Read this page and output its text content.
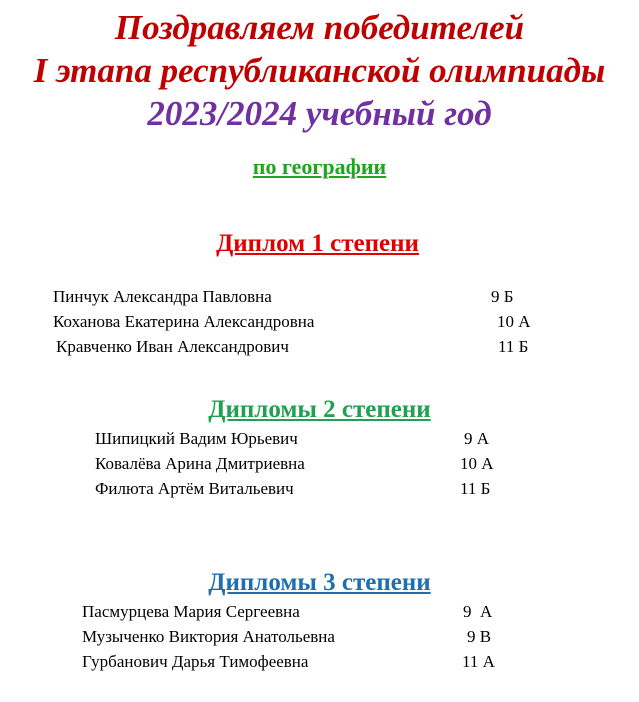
Поздравляем победителей
I этапа республиканской олимпиады
2023/2024 учебный год
по географии
Диплом 1 степени
Пинчук Александра Павловна	9 Б
Коханова Екатерина Александровна	10 А
Кравченко Иван Александрович	11 Б
Дипломы 2 степени
Шипицкий Вадим Юрьевич	9 А
Ковалёва Арина Дмитриевна	10 А
Филюта Артём Витальевич	11 Б
Дипломы 3 степени
Пасмурцева Мария Сергеевна	9  А
Музыченко Виктория Анатольевна	9 В
Гурбанович Дарья Тимофеевна	11 А
